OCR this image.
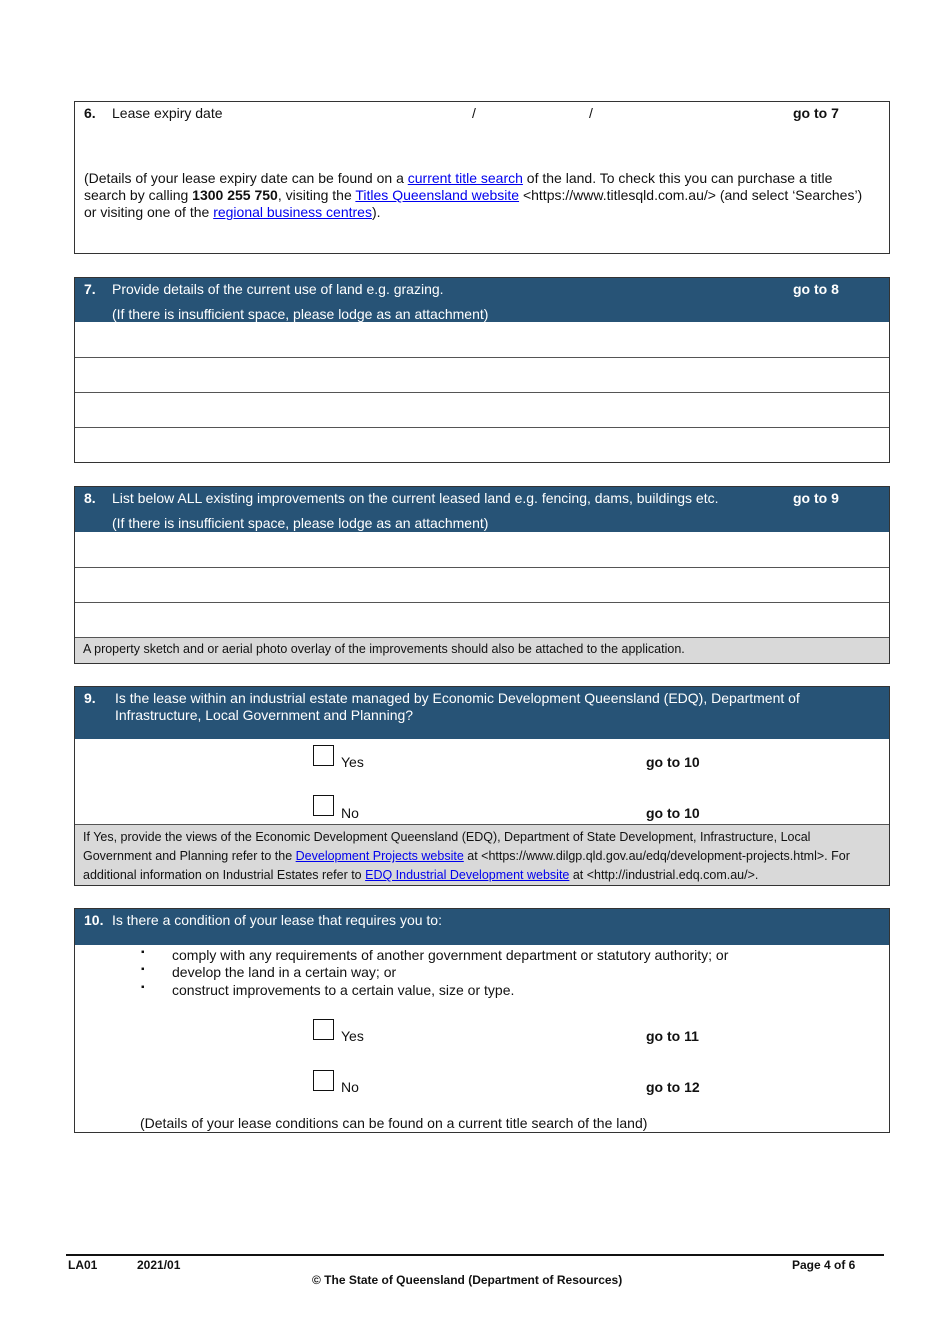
6. Lease expiry date	/	/	go to 7
(Details of your lease expiry date can be found on a current title search of the land. To check this you can purchase a title search by calling 1300 255 750, visiting the Titles Queensland website <https://www.titlesqld.com.au/> (and select ‘Searches’) or visiting one of the regional business centres).
7. Provide details of the current use of land e.g. grazing.	go to 8
(If there is insufficient space, please lodge as an attachment)
8. List below ALL existing improvements on the current leased land e.g. fencing, dams, buildings etc.	go to 9
(If there is insufficient space, please lodge as an attachment)
A property sketch and or aerial photo overlay of the improvements should also be attached to the application.
9. Is the lease within an industrial estate managed by Economic Development Queensland (EDQ), Department of
Infrastructure, Local Government and Planning?
Yes	go to 10
No	go to 10
If Yes, provide the views of the Economic Development Queensland (EDQ), Department of State Development, Infrastructure, Local Government and Planning refer to the Development Projects website at <https://www.dilgp.qld.gov.au/edq/development-projects.html>. For additional information on Industrial Estates refer to EDQ Industrial Development website at <http://industrial.edq.com.au/>.
10. Is there a condition of your lease that requires you to:
▪ comply with any requirements of another government department or statutory authority; or
▪ develop the land in a certain way; or
▪ construct improvements to a certain value, size or type.
Yes	go to 11
No	go to 12
(Details of your lease conditions can be found on a current title search of the land)
LA01	2021/01	Page 4 of 6
© The State of Queensland (Department of Resources)
